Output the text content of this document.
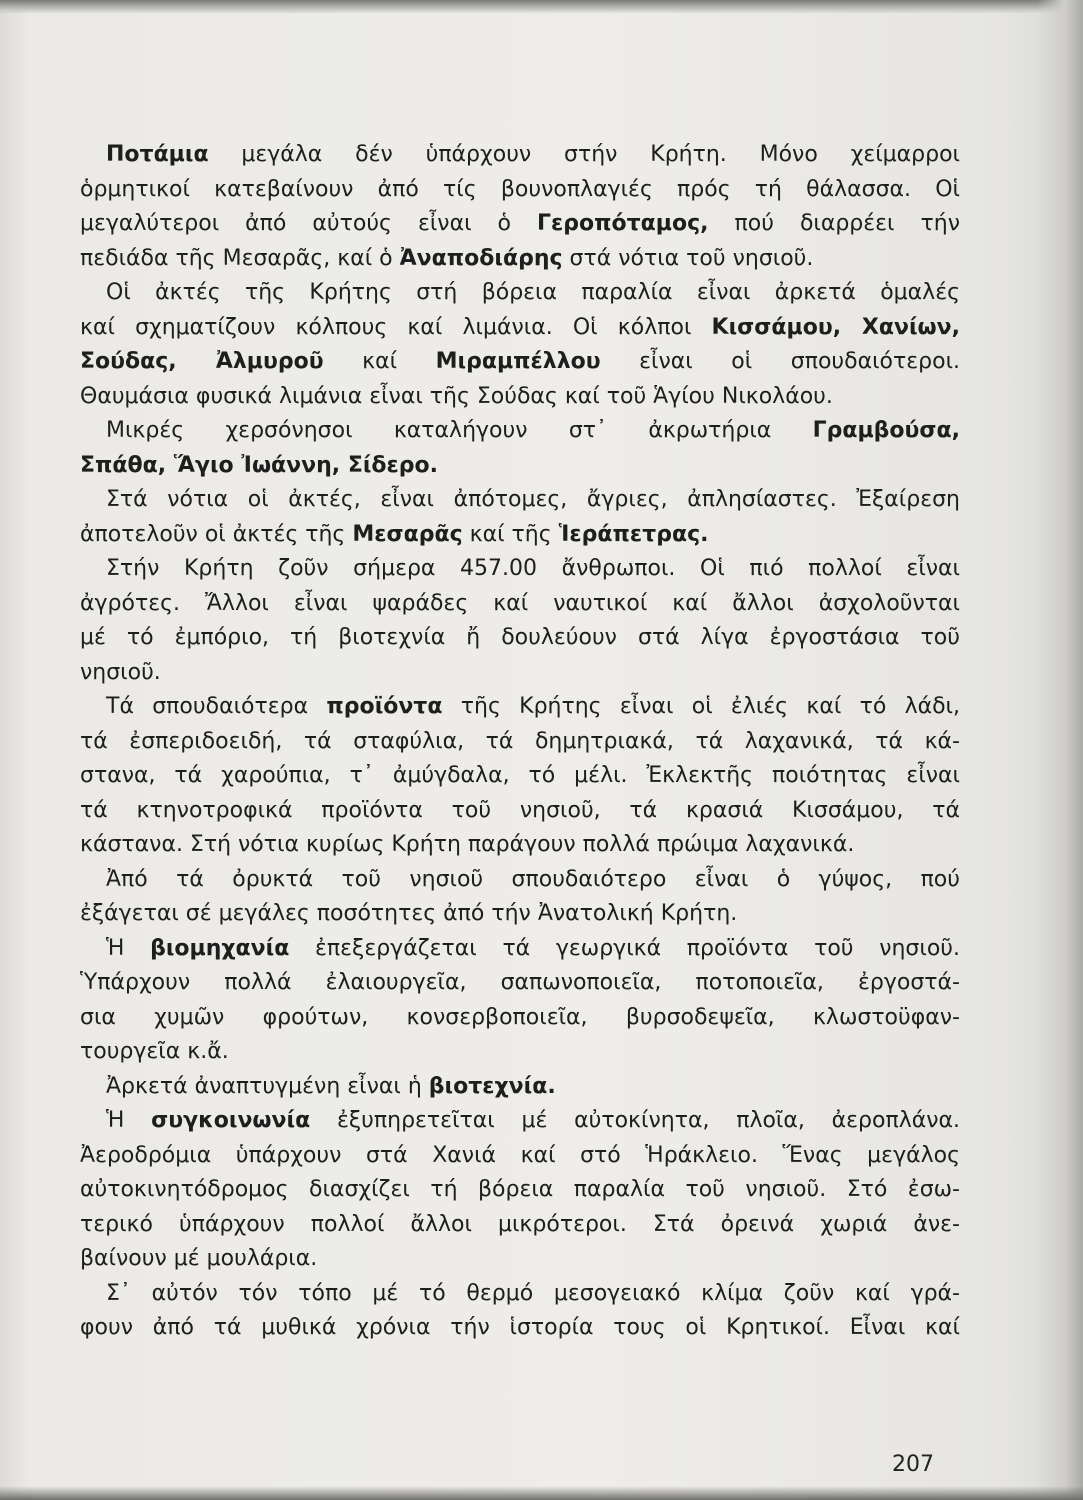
Ποτάμια μεγάλα δέν ὑπάρχουν στήν Κρήτη. Μόνο χείμαρροι
ὁρμητικοί κατεβαίνουν ἀπό τίς βουνοπλαγιές πρός τή θάλασσα. Οἱ
μεγαλύτεροι ἀπό αὐτούς εἶναι ὁ Γεροπόταμος, πού διαρρέει τήν
πεδιάδα τῆς Μεσαρᾶς, καί ὁ Ἀναποδιάρης στά νότια τοῦ νησιοῦ.
Οἱ ἀκτές τῆς Κρήτης στή βόρεια παραλία εἶναι ἀρκετά ὁμαλές
καί σχηματίζουν κόλπους καί λιμάνια. Οἱ κόλποι Κισσάμου, Χανίων,
Σούδας, Ἀλμυροῦ καί Μιραμπέλλου εἶναι οἱ σπουδαιότεροι.
Θαυμάσια φυσικά λιμάνια εἶναι τῆς Σούδας καί τοῦ Ἁγίου Νικολάου.
Μικρές χερσόνησοι καταλήγουν στ᾿ ἀκρωτήρια Γραμβούσα,
Σπάθα, Ἅγιο Ἰωάννη, Σίδερο.
Στά νότια οἱ ἀκτές, εἶναι ἀπότομες, ἄγριες, ἀπλησίαστες. Ἐξαίρεση
ἀποτελοῦν οἱ ἀκτές τῆς Μεσαρᾶς καί τῆς Ἱεράπετρας.
Στήν Κρήτη ζοῦν σήμερα 457.00 ἄνθρωποι. Οἱ πιό πολλοί εἶναι
ἀγρότες. Ἄλλοι εἶναι ψαράδες καί ναυτικοί καί ἄλλοι ἀσχολοῦνται
μέ τό ἐμπόριο, τή βιοτεχνία ἤ δουλεύουν στά λίγα ἐργοστάσια τοῦ
νησιοῦ.
Τά σπουδαιότερα προϊόντα τῆς Κρήτης εἶναι οἱ ἐλιές καί τό λάδι,
τά ἐσπεριδοειδή, τά σταφύλια, τά δημητριακά, τά λαχανικά, τά κά-
στανα, τά χαρούπια, τ᾿ ἀμύγδαλα, τό μέλι. Ἐκλεκτῆς ποιότητας εἶναι
τά κτηνοτροφικά προϊόντα τοῦ νησιοῦ, τά κρασιά Κισσάμου, τά
κάστανα. Στή νότια κυρίως Κρήτη παράγουν πολλά πρώιμα λαχανικά.
Ἀπό τά ὀρυκτά τοῦ νησιοῦ σπουδαιότερο εἶναι ὁ γύψος, πού
ἐξάγεται σέ μεγάλες ποσότητες ἀπό τήν Ἀνατολική Κρήτη.
Ἡ βιομηχανία ἐπεξεργάζεται τά γεωργικά προϊόντα τοῦ νησιοῦ.
Ὑπάρχουν πολλά ἐλαιουργεῖα, σαπωνοποιεῖα, ποτοποιεῖα, ἐργοστά-
σια χυμῶν φρούτων, κονσερβοποιεῖα, βυρσοδεψεῖα, κλωστοϋφαν-
τουργεῖα κ.ἄ.
Ἀρκετά ἀναπτυγμένη εἶναι ἡ βιοτεχνία.
Ἡ συγκοινωνία ἐξυπηρετεῖται μέ αὐτοκίνητα, πλοῖα, ἀεροπλάνα.
Ἀεροδρόμια ὑπάρχουν στά Χανιά καί στό Ἡράκλειο. Ἕνας μεγάλος
αὐτοκινητόδρομος διασχίζει τή βόρεια παραλία τοῦ νησιοῦ. Στό ἐσω-
τερικό ὑπάρχουν πολλοί ἄλλοι μικρότεροι. Στά ὀρεινά χωριά ἀνε-
βαίνουν μέ μουλάρια.
Σ᾿ αὐτόν τόν τόπο μέ τό θερμό μεσογειακό κλίμα ζοῦν καί γρά-
φουν ἀπό τά μυθικά χρόνια τήν ἱστορία τους οἱ Κρητικοί. Εἶναι καί
207
